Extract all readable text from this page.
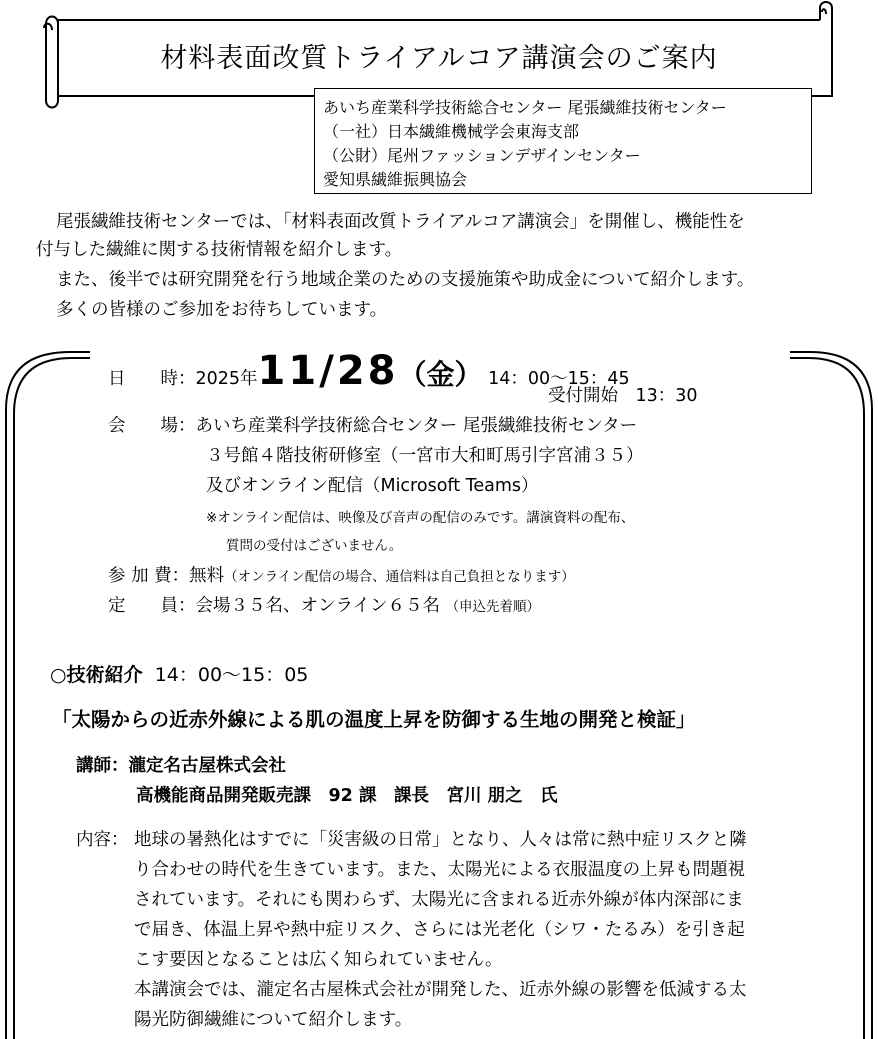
材料表面改質トライアルコア講演会のご案内
あいち産業科学技術総合センター 尾張繊維技術センター
（一社）日本繊維機械学会東海支部
（公財）尾州ファッションデザインセンター
愛知県繊維振興協会
尾張繊維技術センターでは、「材料表面改質トライアルコア講演会」を開催し、機能性を
付与した繊維に関する技術情報を紹介します。
また、後半では研究開発を行う地域企業のための支援施策や助成金について紹介します。
多くの皆様のご参加をお待ちしています。
日　　時：2025年11/28（金） 14：00～15：45
受付開始　13：30
会　　場：あいち産業科学技術総合センター 尾張繊維技術センター
３号館４階技術研修室（一宮市大和町馬引字宮浦３５）
及びオンライン配信（Microsoft Teams）
※オンライン配信は、映像及び音声の配信のみです。講演資料の配布、
質問の受付はございません。
参 加 費：無料（オンライン配信の場合、通信料は自己負担となります）
定　　員：会場３５名、オンライン６５名 （申込先着順）
○技術紹介 14：00～15：05
「太陽からの近赤外線による肌の温度上昇を防御する生地の開発と検証」
講師：瀧定名古屋株式会社
高機能商品開発販売課　92 課　課長　宮川 朋之　氏
内容： 地球の暑熱化はすでに「災害級の日常」となり、人々は常に熱中症リスクと隣
り合わせの時代を生きています。また、太陽光による衣服温度の上昇も問題視
されています。それにも関わらず、太陽光に含まれる近赤外線が体内深部にま
で届き、体温上昇や熱中症リスク、さらには光老化（シワ・たるみ）を引き起
こす要因となることは広く知られていません。
本講演会では、瀧定名古屋株式会社が開発した、近赤外線の影響を低減する太
陽光防御繊維について紹介します。
